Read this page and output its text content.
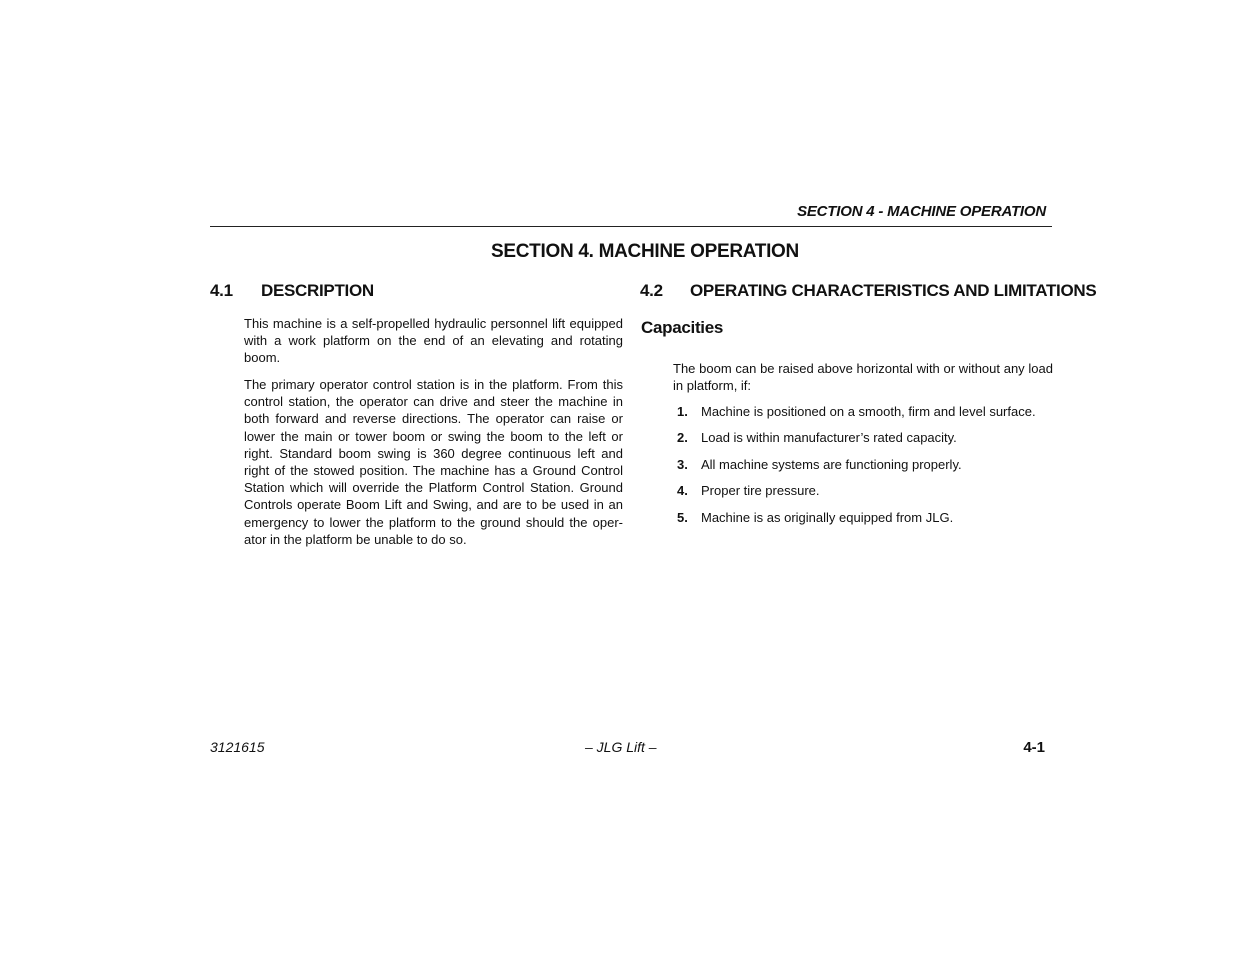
SECTION 4 - MACHINE OPERATION
SECTION 4. MACHINE OPERATION
4.1 DESCRIPTION

This machine is a self-propelled hydraulic personnel lift equipped with a work platform on the end of an elevating and rotating boom.

The primary operator control station is in the platform. From this control station, the operator can drive and steer the machine in both forward and reverse directions. The operator can raise or lower the main or tower boom or swing the boom to the left or right. Standard boom swing is 360 degree continuous left and right of the stowed position. The machine has a Ground Control Station which will override the Platform Control Station. Ground Controls operate Boom Lift and Swing, and are to be used in an emergency to lower the platform to the ground should the oper-ator in the platform be unable to do so.

4.2 OPERATING CHARACTERISTICS AND LIMITATIONS
Capacities

The boom can be raised above horizontal with or without any load in platform, if:

1. Machine is positioned on a smooth, firm and level surface.
2. Load is within manufacturer’s rated capacity.
3. All machine systems are functioning properly.
4. Proper tire pressure.
5. Machine is as originally equipped from JLG.
3121615	– JLG Lift –	4-1
